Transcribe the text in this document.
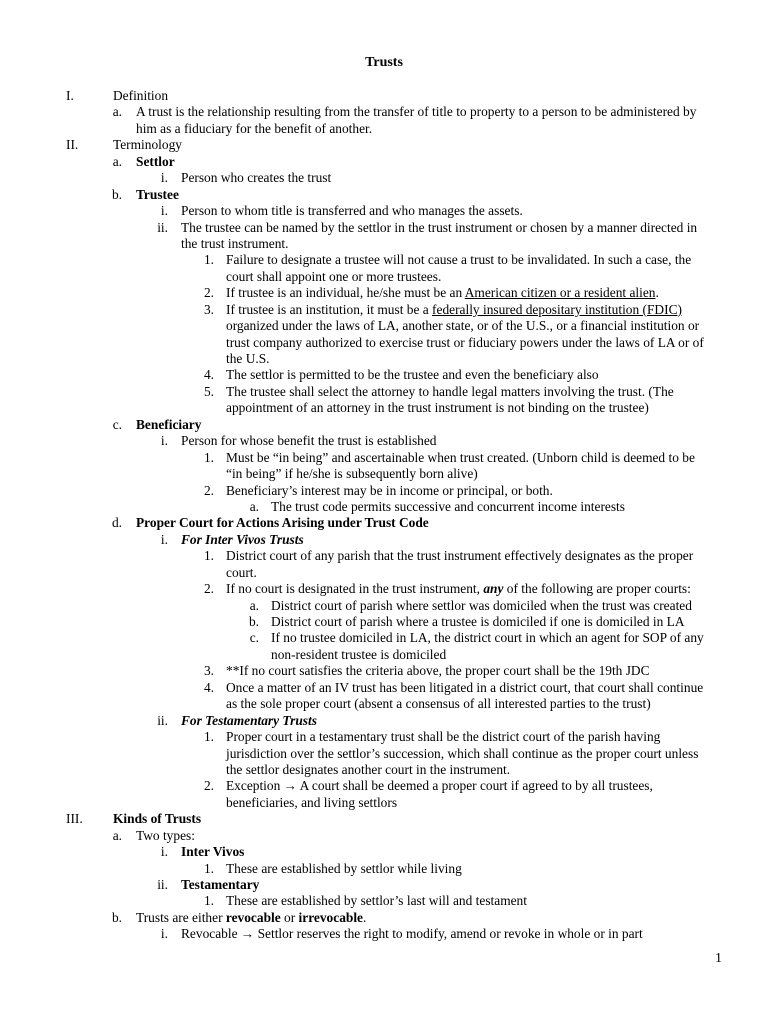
Trusts
I.	Definition
a. A trust is the relationship resulting from the transfer of title to property to a person to be administered by
him as a fiduciary for the benefit of another.
II.	Terminology
a. Settlor
i. Person who creates the trust
b. Trustee
i. Person to whom title is transferred and who manages the assets.
ii. The trustee can be named by the settlor in the trust instrument or chosen by a manner directed in
the trust instrument.
1. Failure to designate a trustee will not cause a trust to be invalidated. In such a case, the
court shall appoint one or more trustees.
2. If trustee is an individual, he/she must be an American citizen or a resident alien.
3. If trustee is an institution, it must be a federally insured depositary institution (FDIC)
organized under the laws of LA, another state, or of the U.S., or a financial institution or
trust company authorized to exercise trust or fiduciary powers under the laws of LA or of
the U.S.
4. The settlor is permitted to be the trustee and even the beneficiary also
5. The trustee shall select the attorney to handle legal matters involving the trust. (The
appointment of an attorney in the trust instrument is not binding on the trustee)
c. Beneficiary
i. Person for whose benefit the trust is established
1. Must be “in being” and ascertainable when trust created. (Unborn child is deemed to be
“in being” if he/she is subsequently born alive)
2. Beneficiary’s interest may be in income or principal, or both.
a. The trust code permits successive and concurrent income interests
d. Proper Court for Actions Arising under Trust Code
i. For Inter Vivos Trusts
1. District court of any parish that the trust instrument effectively designates as the proper
court.
2. If no court is designated in the trust instrument, any of the following are proper courts:
a. District court of parish where settlor was domiciled when the trust was created
b. District court of parish where a trustee is domiciled if one is domiciled in LA
c. If no trustee domiciled in LA, the district court in which an agent for SOP of any
non-resident trustee is domiciled
3. **If no court satisfies the criteria above, the proper court shall be the 19th JDC
4. Once a matter of an IV trust has been litigated in a district court, that court shall continue
as the sole proper court (absent a consensus of all interested parties to the trust)
ii. For Testamentary Trusts
1. Proper court in a testamentary trust shall be the district court of the parish having
jurisdiction over the settlor’s succession, which shall continue as the proper court unless
the settlor designates another court in the instrument.
2. Exception → A court shall be deemed a proper court if agreed to by all trustees,
beneficiaries, and living settlors
III. Kinds of Trusts
a. Two types:
i. Inter Vivos
1. These are established by settlor while living
ii. Testamentary
1. These are established by settlor’s last will and testament
b. Trusts are either revocable or irrevocable.
i. Revocable → Settlor reserves the right to modify, amend or revoke in whole or in part
1
